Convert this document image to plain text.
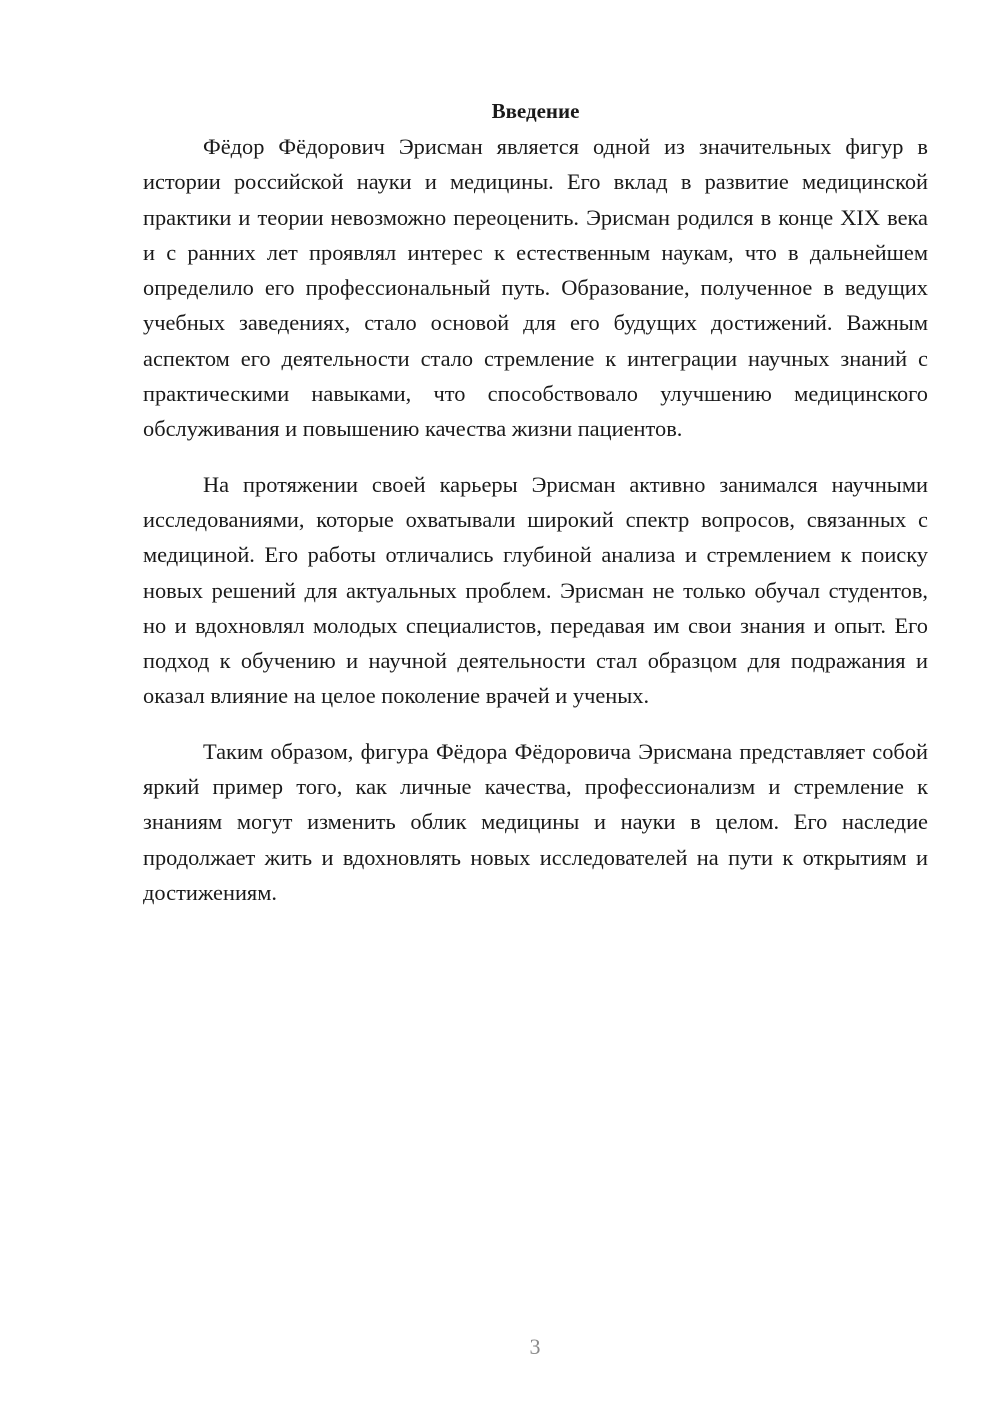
Введение

Фёдор Фёдорович Эрисман является одной из значительных фигур в истории российской науки и медицины. Его вклад в развитие медицинской практики и теории невозможно переоценить. Эрисман родился в конце XIX века и с ранних лет проявлял интерес к естественным наукам, что в дальнейшем определило его профессиональный путь. Образование, полученное в ведущих учебных заведениях, стало основой для его будущих достижений. Важным аспектом его деятельности стало стремление к интеграции научных знаний с практическими навыками, что способствовало улучшению медицинского обслуживания и повышению качества жизни пациентов.

На протяжении своей карьеры Эрисман активно занимался научными исследованиями, которые охватывали широкий спектр вопросов, связанных с медициной. Его работы отличались глубиной анализа и стремлением к поиску новых решений для актуальных проблем. Эрисман не только обучал студентов, но и вдохновлял молодых специалистов, передавая им свои знания и опыт. Его подход к обучению и научной деятельности стал образцом для подражания и оказал влияние на целое поколение врачей и ученых.

Таким образом, фигура Фёдора Фёдоровича Эрисмана представляет собой яркий пример того, как личные качества, профессионализм и стремление к знаниям могут изменить облик медицины и науки в целом. Его наследие продолжает жить и вдохновлять новых исследователей на пути к открытиям и достижениям.

3
